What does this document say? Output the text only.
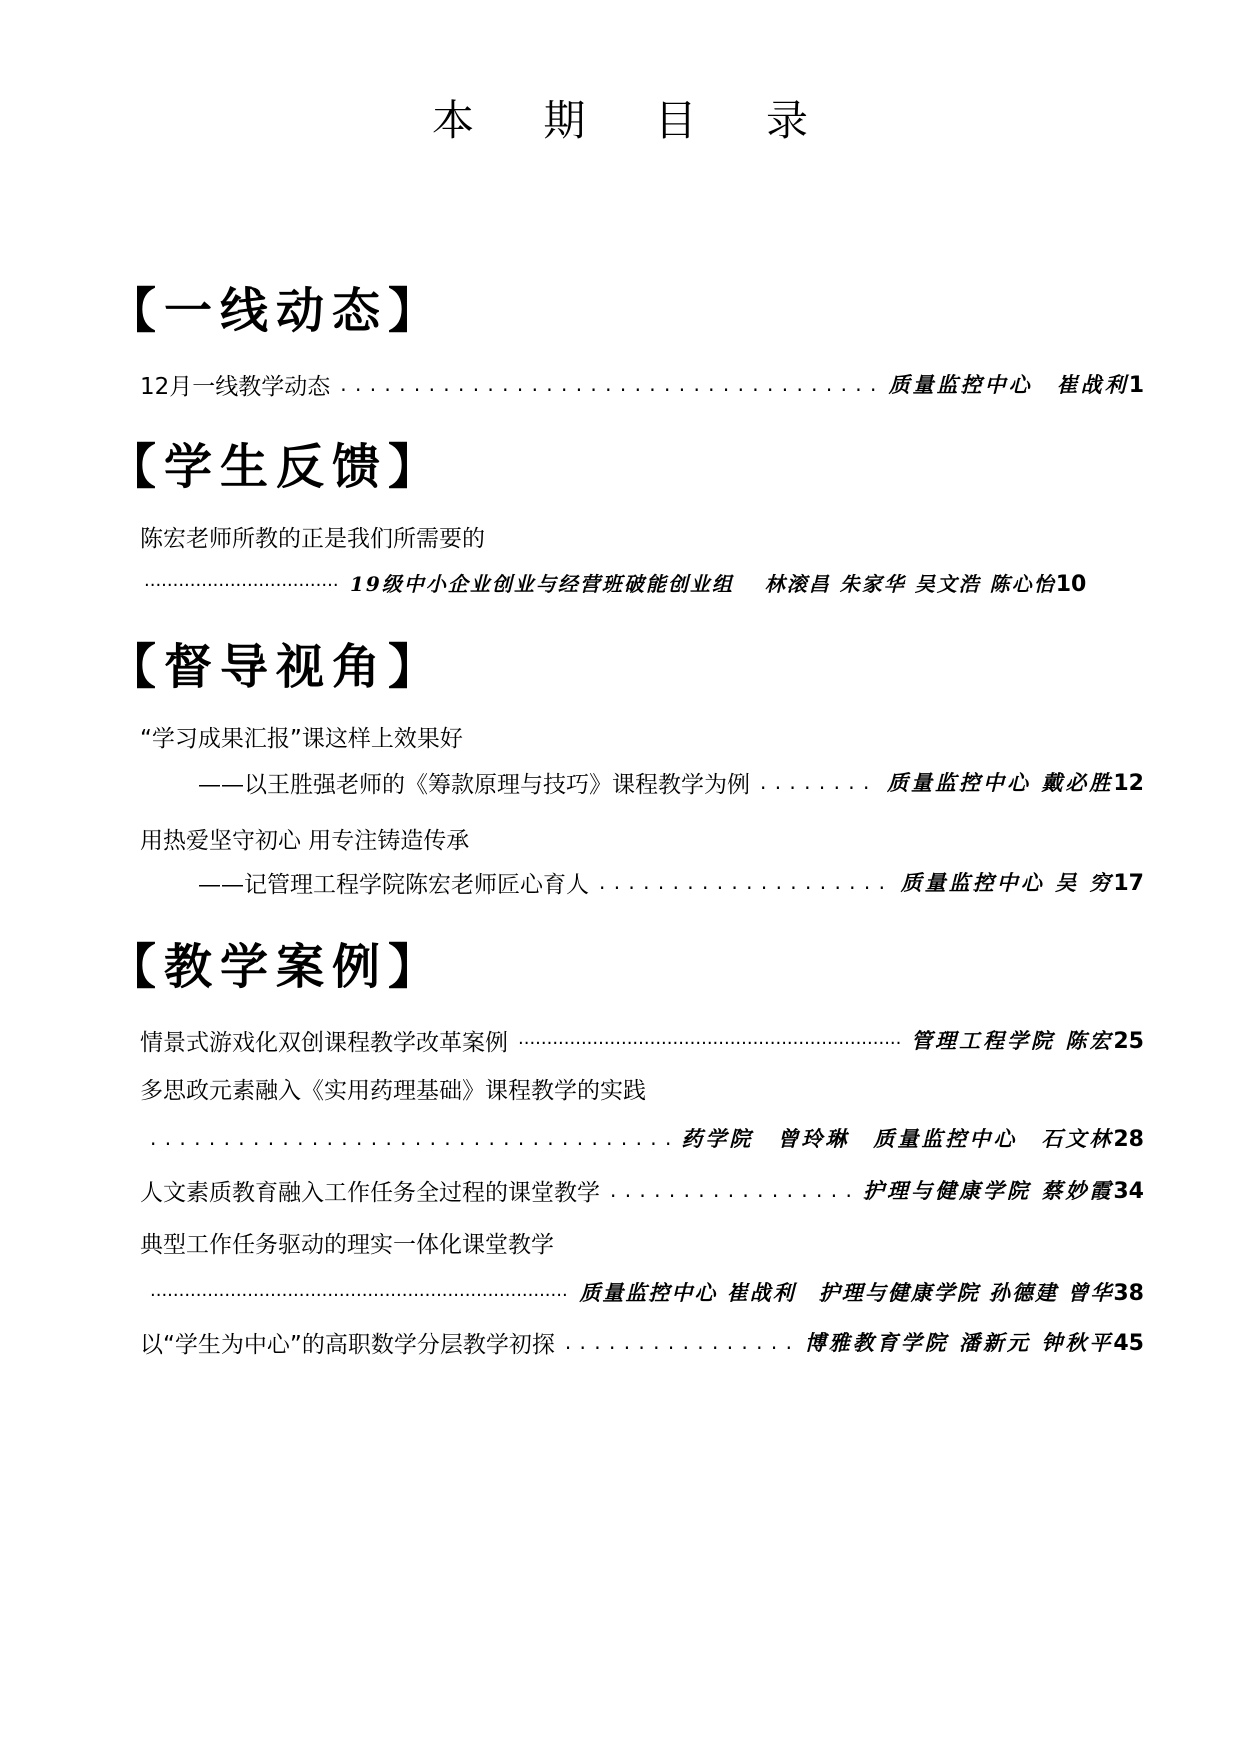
本 期 目 录
【一线动态】
12月一线教学动态 . . .	质量监控中心　崔战利1
【学生反馈】
陈宏老师所教的正是我们所需要的
.....
19级中小企业创业与经营班破能创业组　 林滚昌 朱家华 吴文浩 陈心怡10
【督导视角】
“学习成果汇报”课这样上效果好
——以王胜强老师的《筹款原理与技巧》课程教学为例 . . .	质量监控中心 戴必胜12
用热爱坚守初心 用专注铸造传承
——记管理工程学院陈宏老师匠心育人 . . .	质量监控中心 吴 穷17
【教学案例】
情景式游戏化双创课程教学改革案例 .....	管理工程学院 陈宏25
多思政元素融入《实用药理基础》课程教学的实践
. . .
药学院　曾玲琳　质量监控中心　石文林28
人文素质教育融入工作任务全过程的课堂教学 . . .	护理与健康学院 蔡妙霞34
典型工作任务驱动的理实一体化课堂教学
.....
质量监控中心 崔战利　护理与健康学院 孙德建 曾华38
以“学生为中心”的高职数学分层教学初探 . . .	博雅教育学院 潘新元 钟秋平45
